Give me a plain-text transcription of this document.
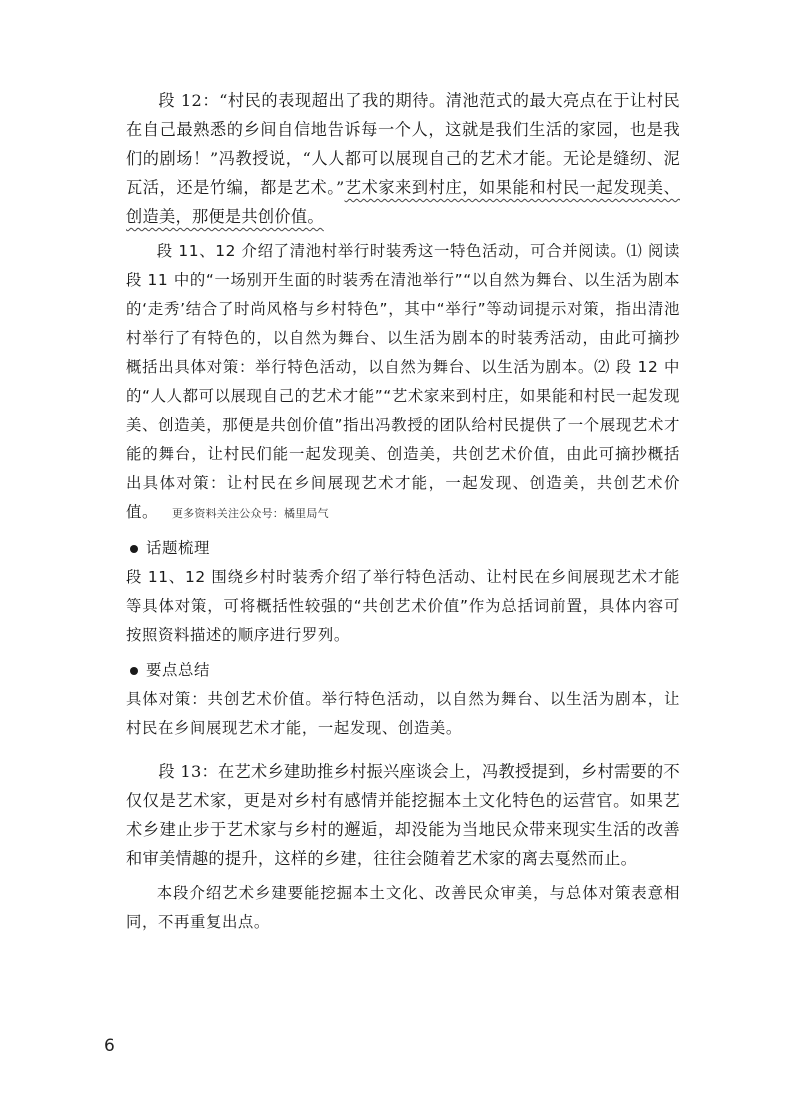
段 12：“村民的表现超出了我的期待。清池范式的最大亮点在于让村民在自己最熟悉的乡间自信地告诉每一个人，这就是我们生活的家园，也是我们的剧场！”冯教授说，“人人都可以展现自己的艺术才能。无论是缝纫、泥瓦活，还是竹编，都是艺术。”艺术家来到村庄，如果能和村民一起发现美、创造美，那便是共创价值。

段 11、12 介绍了清池村举行时装秀这一特色活动，可合并阅读。⑴ 阅读段 11 中的“一场别开生面的时装秀在清池举行”“以自然为舞台、以生活为剧本的‘走秀’结合了时尚风格与乡村特色”，其中“举行”等动词提示对策，指出清池村举行了有特色的，以自然为舞台、以生活为剧本的时装秀活动，由此可摘抄概括出具体对策：举行特色活动，以自然为舞台、以生活为剧本。⑵ 段 12 中的“人人都可以展现自己的艺术才能”“艺术家来到村庄，如果能和村民一起发现美、创造美，那便是共创价值”指出冯教授的团队给村民提供了一个展现艺术才能的舞台，让村民们能一起发现美、创造美，共创艺术价值，由此可摘抄概括出具体对策：让村民在乡间展现艺术才能，一起发现、创造美，共创艺术价值。 更多资料关注公众号：橘里局气

话题梳理

段 11、12 围绕乡村时装秀介绍了举行特色活动、让村民在乡间展现艺术才能等具体对策，可将概括性较强的“共创艺术价值”作为总括词前置，具体内容可按照资料描述的顺序进行罗列。

要点总结

具体对策：共创艺术价值。举行特色活动，以自然为舞台、以生活为剧本，让村民在乡间展现艺术才能，一起发现、创造美。

段 13：在艺术乡建助推乡村振兴座谈会上，冯教授提到，乡村需要的不仅仅是艺术家，更是对乡村有感情并能挖掘本土文化特色的运营官。如果艺术乡建止步于艺术家与乡村的邂逅，却没能为当地民众带来现实生活的改善和审美情趣的提升，这样的乡建，往往会随着艺术家的离去戛然而止。

本段介绍艺术乡建要能挖掘本土文化、改善民众审美，与总体对策表意相同，不再重复出点。

6
